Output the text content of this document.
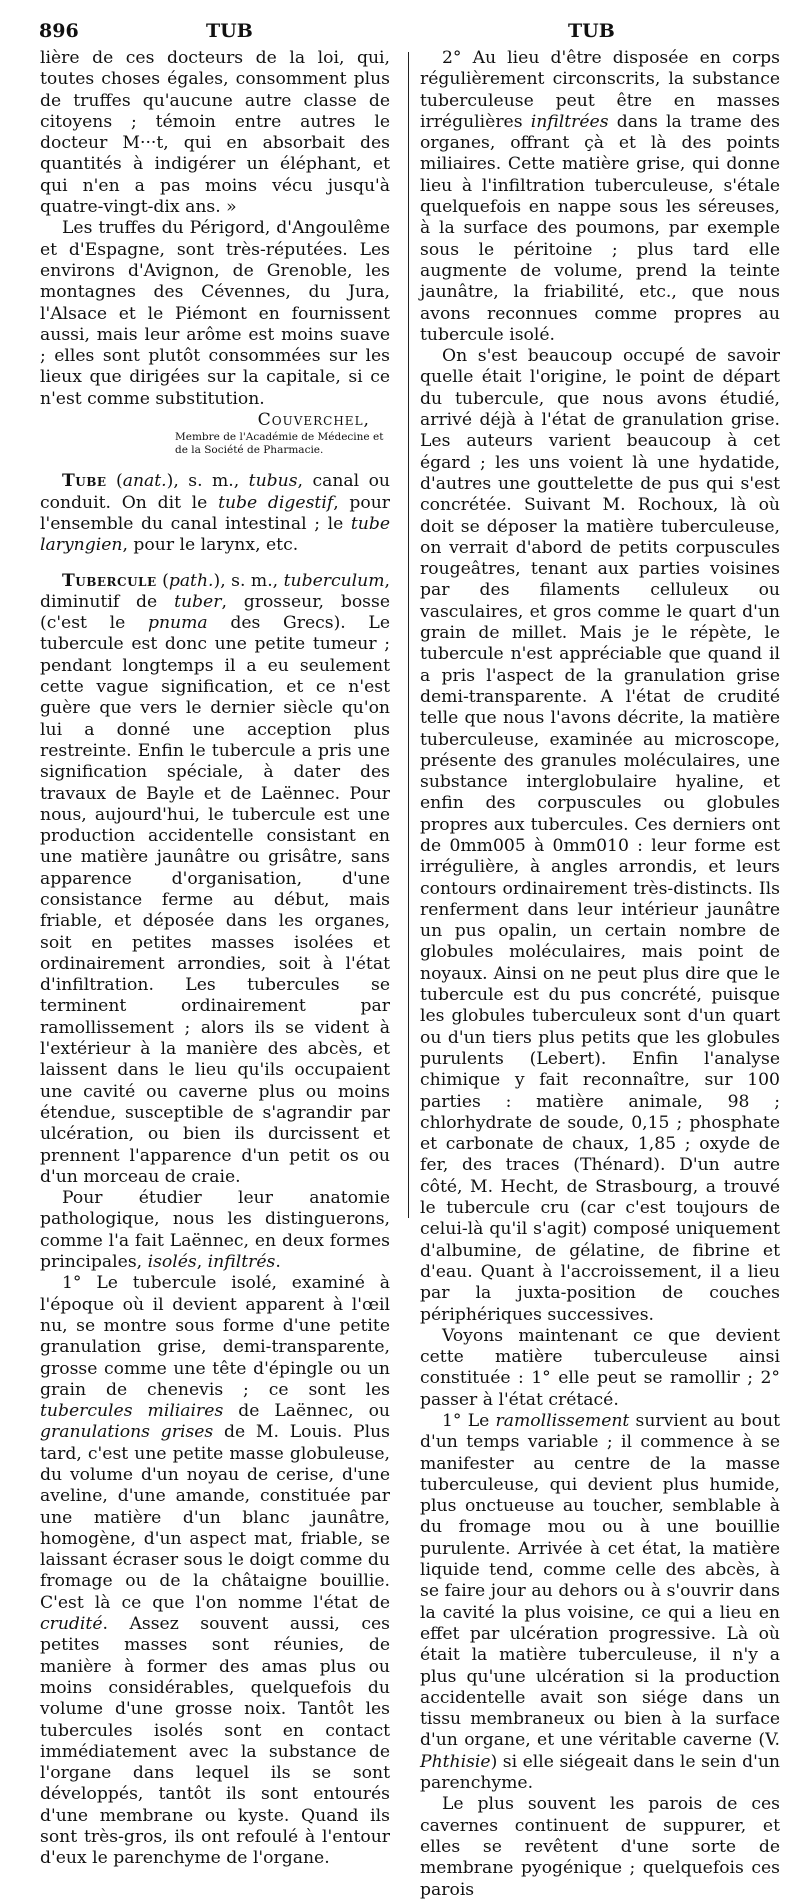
896	TUB	TUB

lière de ces docteurs de la loi, qui, toutes choses égales, consomment plus de truffes qu'aucune autre classe de citoyens ; témoin entre autres le docteur M···t, qui en absorbait des quantités à indigérer un éléphant, et qui n'en a pas moins vécu jusqu'à quatre-vingt-dix ans. »

Les truffes du Périgord, d'Angoulême et d'Espagne, sont très-réputées. Les environs d'Avignon, de Grenoble, les montagnes des Cévennes, du Jura, l'Alsace et le Piémont en fournissent aussi, mais leur arôme est moins suave ; elles sont plutôt consommées sur les lieux que dirigées sur la capitale, si ce n'est comme substitution.

Couverchel,

Membre de l'Académie de Médecine et de la Société de Pharmacie.

Tube (anat.), s. m., tubus, canal ou conduit. On dit le tube digestif, pour l'ensemble du canal intestinal ; le tube laryngien, pour le larynx, etc.

Tubercule (path.), s. m., tuberculum, diminutif de tuber, grosseur, bosse (c'est le pnuma des Grecs). Le tubercule est donc une petite tumeur ; pendant longtemps il a eu seulement cette vague signification, et ce n'est guère que vers le dernier siècle qu'on lui a donné une acception plus restreinte. Enfin le tubercule a pris une signification spéciale, à dater des travaux de Bayle et de Laënnec. Pour nous, aujourd'hui, le tubercule est une production accidentelle consistant en une matière jaunâtre ou grisâtre, sans apparence d'organisation, d'une consistance ferme au début, mais friable, et déposée dans les organes, soit en petites masses isolées et ordinairement arrondies, soit à l'état d'infiltration. Les tubercules se terminent ordinairement par ramollissement ; alors ils se vident à l'extérieur à la manière des abcès, et laissent dans le lieu qu'ils occupaient une cavité ou caverne plus ou moins étendue, susceptible de s'agrandir par ulcération, ou bien ils durcissent et prennent l'apparence d'un petit os ou d'un morceau de craie.

Pour étudier leur anatomie pathologique, nous les distinguerons, comme l'a fait Laënnec, en deux formes principales, isolés, infiltrés.

1° Le tubercule isolé, examiné à l'époque où il devient apparent à l'œil nu, se montre sous forme d'une petite granulation grise, demi-transparente, grosse comme une tête d'épingle ou un grain de chenevis ; ce sont les tubercules miliaires de Laënnec, ou granulations grises de M. Louis. Plus tard, c'est une petite masse globuleuse, du volume d'un noyau de cerise, d'une aveline, d'une amande, constituée par une matière d'un blanc jaunâtre, homogène, d'un aspect mat, friable, se laissant écraser sous le doigt comme du fromage ou de la châtaigne bouillie. C'est là ce que l'on nomme l'état de crudité. Assez souvent aussi, ces petites masses sont réunies, de manière à former des amas plus ou moins considérables, quelquefois du volume d'une grosse noix. Tantôt les tubercules isolés sont en contact immédiatement avec la substance de l'organe dans lequel ils se sont développés, tantôt ils sont entourés d'une membrane ou kyste. Quand ils sont très-gros, ils ont refoulé à l'entour d'eux le parenchyme de l'organe.

2° Au lieu d'être disposée en corps régulièrement circonscrits, la substance tuberculeuse peut être en masses irrégulières infiltrées dans la trame des organes, offrant çà et là des points miliaires. Cette matière grise, qui donne lieu à l'infiltration tuberculeuse, s'étale quelquefois en nappe sous les séreuses, à la surface des poumons, par exemple sous le péritoine ; plus tard elle augmente de volume, prend la teinte jaunâtre, la friabilité, etc., que nous avons reconnues comme propres au tubercule isolé.

On s'est beaucoup occupé de savoir quelle était l'origine, le point de départ du tubercule, que nous avons étudié, arrivé déjà à l'état de granulation grise. Les auteurs varient beaucoup à cet égard ; les uns voient là une hydatide, d'autres une gouttelette de pus qui s'est concrétée. Suivant M. Rochoux, là où doit se déposer la matière tuberculeuse, on verrait d'abord de petits corpuscules rougeâtres, tenant aux parties voisines par des filaments celluleux ou vasculaires, et gros comme le quart d'un grain de millet. Mais je le répète, le tubercule n'est appréciable que quand il a pris l'aspect de la granulation grise demi-transparente. A l'état de crudité telle que nous l'avons décrite, la matière tuberculeuse, examinée au microscope, présente des granules moléculaires, une substance interglobulaire hyaline, et enfin des corpuscules ou globules propres aux tubercules. Ces derniers ont de 0mm005 à 0mm010 : leur forme est irrégulière, à angles arrondis, et leurs contours ordinairement très-distincts. Ils renferment dans leur intérieur jaunâtre un pus opalin, un certain nombre de globules moléculaires, mais point de noyaux. Ainsi on ne peut plus dire que le tubercule est du pus concrété, puisque les globules tuberculeux sont d'un quart ou d'un tiers plus petits que les globules purulents (Lebert). Enfin l'analyse chimique y fait reconnaître, sur 100 parties : matière animale, 98 ; chlorhydrate de soude, 0,15 ; phosphate et carbonate de chaux, 1,85 ; oxyde de fer, des traces (Thénard). D'un autre côté, M. Hecht, de Strasbourg, a trouvé le tubercule cru (car c'est toujours de celui-là qu'il s'agit) composé uniquement d'albumine, de gélatine, de fibrine et d'eau. Quant à l'accroissement, il a lieu par la juxta-position de couches périphériques successives.

Voyons maintenant ce que devient cette matière tuberculeuse ainsi constituée : 1° elle peut se ramollir ; 2° passer à l'état crétacé.

1° Le ramollissement survient au bout d'un temps variable ; il commence à se manifester au centre de la masse tuberculeuse, qui devient plus humide, plus onctueuse au toucher, semblable à du fromage mou ou à une bouillie purulente. Arrivée à cet état, la matière liquide tend, comme celle des abcès, à se faire jour au dehors ou à s'ouvrir dans la cavité la plus voisine, ce qui a lieu en effet par ulcération progressive. Là où était la matière tuberculeuse, il n'y a plus qu'une ulcération si la production accidentelle avait son siége dans un tissu membraneux ou bien à la surface d'un organe, et une véritable caverne (V. Phthisie) si elle siégeait dans le sein d'un parenchyme.

Le plus souvent les parois de ces cavernes continuent de suppurer, et elles se revêtent d'une sorte de membrane pyogénique ; quelquefois ces parois
